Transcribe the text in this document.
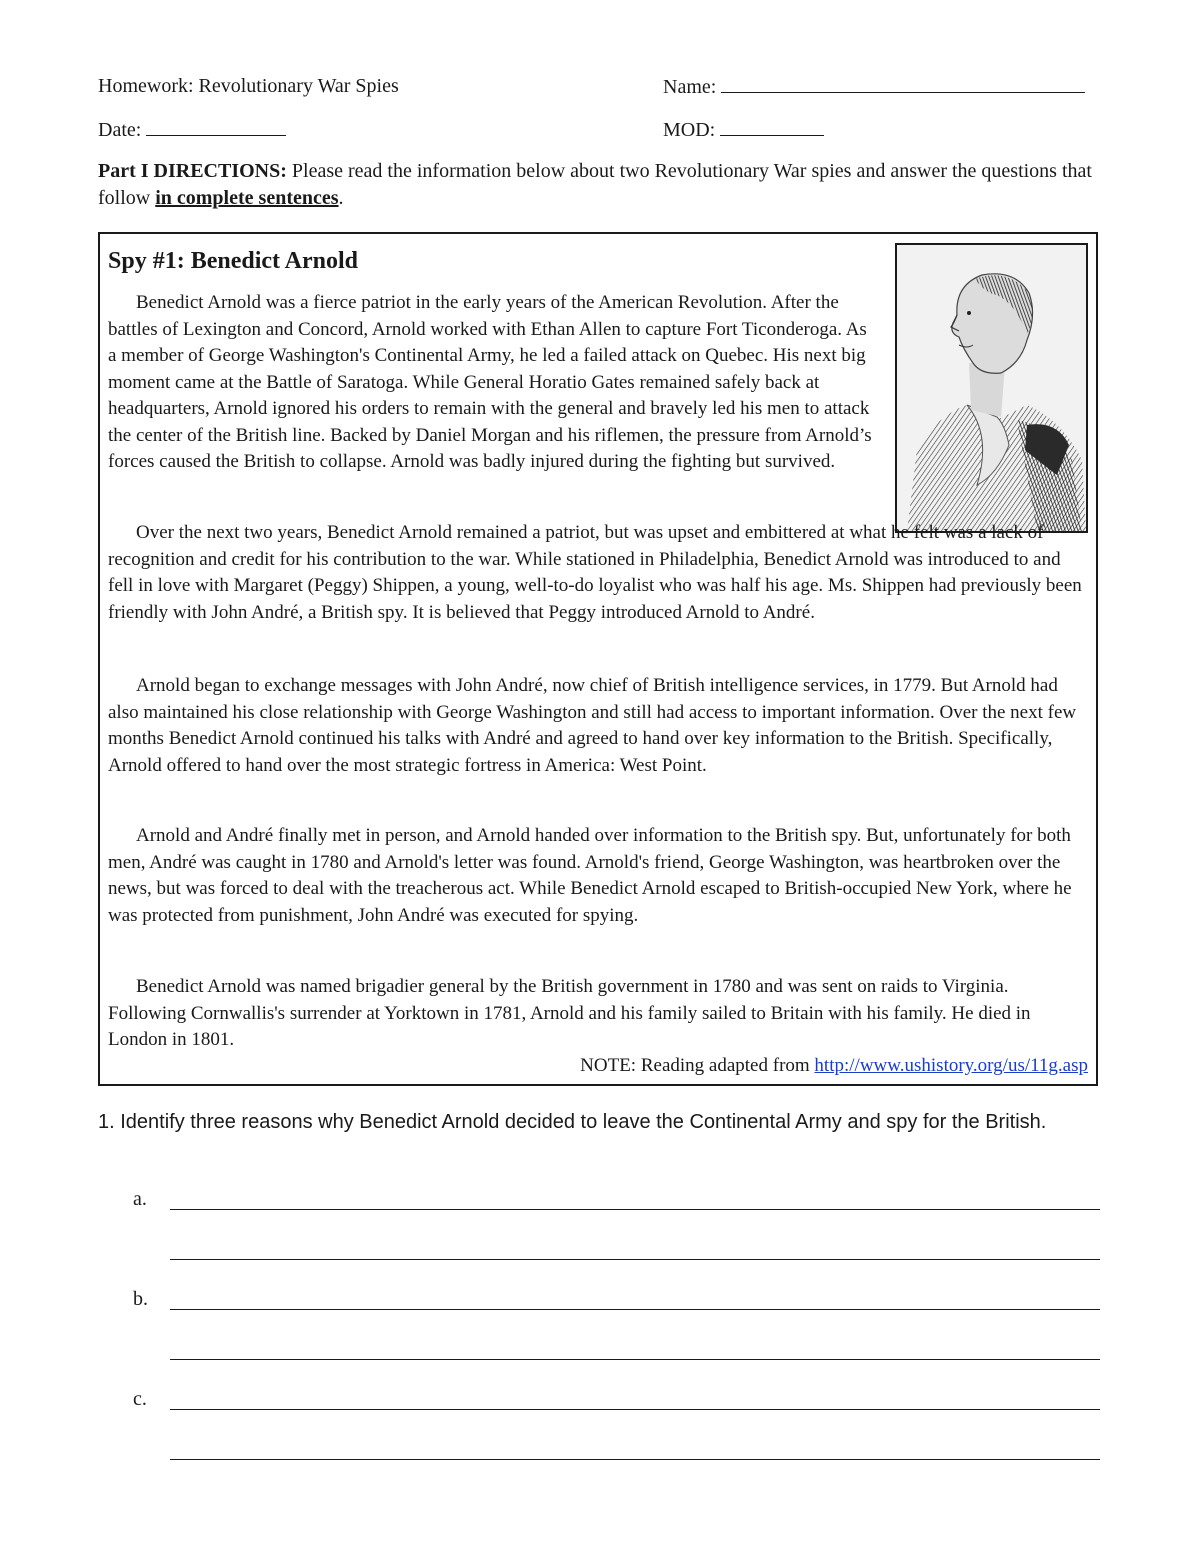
Homework: Revolutionary War Spies	Name:
Date:	MOD:
Part I DIRECTIONS: Please read the information below about two Revolutionary War spies and answer the questions that follow in complete sentences.
Spy #1: Benedict Arnold
Benedict Arnold was a fierce patriot in the early years of the American Revolution. After the battles of Lexington and Concord, Arnold worked with Ethan Allen to capture Fort Ticonderoga. As a member of George Washington's Continental Army, he led a failed attack on Quebec. His next big moment came at the Battle of Saratoga. While General Horatio Gates remained safely back at headquarters, Arnold ignored his orders to remain with the general and bravely led his men to attack the center of the British line. Backed by Daniel Morgan and his riflemen, the pressure from Arnold’s forces caused the British to collapse. Arnold was badly injured during the fighting but survived.
Over the next two years, Benedict Arnold remained a patriot, but was upset and embittered at what he felt was a lack of recognition and credit for his contribution to the war. While stationed in Philadelphia, Benedict Arnold was introduced to and fell in love with Margaret (Peggy) Shippen, a young, well-to-do loyalist who was half his age. Ms. Shippen had previously been friendly with John André, a British spy. It is believed that Peggy introduced Arnold to André.
Arnold began to exchange messages with John André, now chief of British intelligence services, in 1779. But Arnold had also maintained his close relationship with George Washington and still had access to important information. Over the next few months Benedict Arnold continued his talks with André and agreed to hand over key information to the British. Specifically, Arnold offered to hand over the most strategic fortress in America: West Point.
Arnold and André finally met in person, and Arnold handed over information to the British spy. But, unfortunately for both men, André was caught in 1780 and Arnold's letter was found. Arnold's friend, George Washington, was heartbroken over the news, but was forced to deal with the treacherous act. While Benedict Arnold escaped to British-occupied New York, where he was protected from punishment, John André was executed for spying.
Benedict Arnold was named brigadier general by the British government in 1780 and was sent on raids to Virginia. Following Cornwallis's surrender at Yorktown in 1781, Arnold and his family sailed to Britain with his family. He died in London in 1801.
NOTE: Reading adapted from http://www.ushistory.org/us/11g.asp
1. Identify three reasons why Benedict Arnold decided to leave the Continental Army and spy for the British.
a.
b.
c.
